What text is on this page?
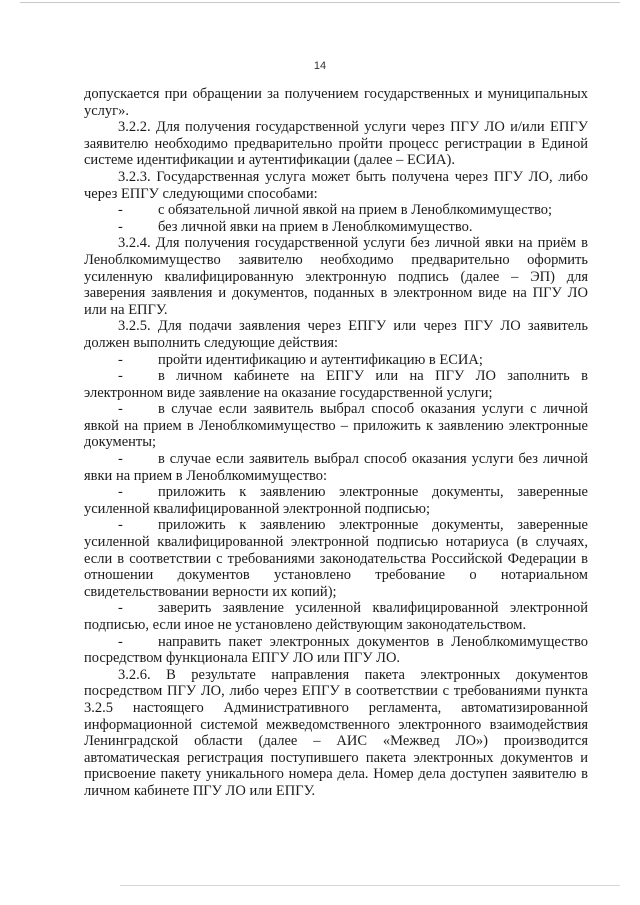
14

допускается при обращении за получением государственных и муниципальных услуг».

3.2.2. Для получения государственной услуги через ПГУ ЛО и/или ЕПГУ заявителю необходимо предварительно пройти процесс регистрации в Единой системе идентификации и аутентификации (далее – ЕСИА).

3.2.3. Государственная услуга может быть получена через ПГУ ЛО, либо через ЕПГУ следующими способами:

- с обязательной личной явкой на прием в Леноблкомимущество;

- без личной явки на прием в Леноблкомимущество.

3.2.4. Для получения государственной услуги без личной явки на приём в Леноблкомимущество заявителю необходимо предварительно оформить усиленную квалифицированную электронную подпись (далее – ЭП) для заверения заявления и документов, поданных в электронном виде на ПГУ ЛО или на ЕПГУ.

3.2.5. Для подачи заявления через ЕПГУ или через ПГУ ЛО заявитель должен выполнить следующие действия:

- пройти идентификацию и аутентификацию в ЕСИА;

- в личном кабинете на ЕПГУ или на ПГУ ЛО заполнить в электронном виде заявление на оказание государственной услуги;

- в случае если заявитель выбрал способ оказания услуги с личной явкой на прием в Леноблкомимущество – приложить к заявлению электронные документы;

- в случае если заявитель выбрал способ оказания услуги без личной явки на прием в Леноблкомимущество:

- приложить к заявлению электронные документы, заверенные усиленной квалифицированной электронной подписью;

- приложить к заявлению электронные документы, заверенные усиленной квалифицированной электронной подписью нотариуса (в случаях, если в соответствии с требованиями законодательства Российской Федерации в отношении документов установлено требование о нотариальном свидетельствовании верности их копий);

- заверить заявление усиленной квалифицированной электронной подписью, если иное не установлено действующим законодательством.

- направить пакет электронных документов в Леноблкомимущество посредством функционала ЕПГУ ЛО или ПГУ ЛО.

3.2.6. В результате направления пакета электронных документов посредством ПГУ ЛО, либо через ЕПГУ в соответствии с требованиями пункта 3.2.5 настоящего Административного регламента, автоматизированной информационной системой межведомственного электронного взаимодействия Ленинградской области (далее – АИС «Межвед ЛО») производится автоматическая регистрация поступившего пакета электронных документов и присвоение пакету уникального номера дела. Номер дела доступен заявителю в личном кабинете ПГУ ЛО или ЕПГУ.
